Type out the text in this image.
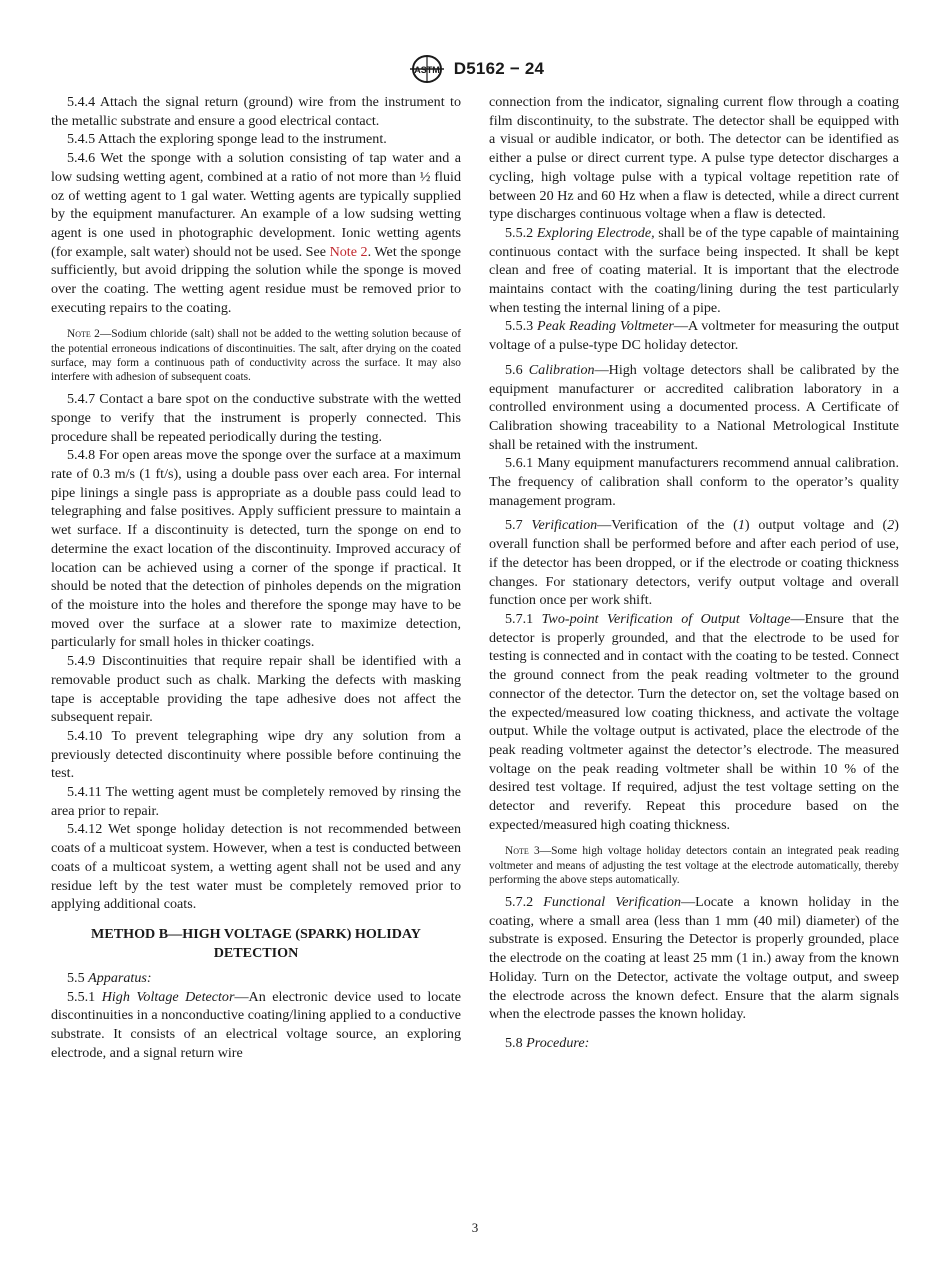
ASTM D5162 − 24

5.4.4 Attach the signal return (ground) wire from the instrument to the metallic substrate and ensure a good electrical contact.

5.4.5 Attach the exploring sponge lead to the instrument.

5.4.6 Wet the sponge with a solution consisting of tap water and a low sudsing wetting agent, combined at a ratio of not more than ½ fluid oz of wetting agent to 1 gal water. Wetting agents are typically supplied by the equipment manufacturer. An example of a low sudsing wetting agent is one used in photographic development. Ionic wetting agents (for example, salt water) should not be used. See Note 2. Wet the sponge sufficiently, but avoid dripping the solution while the sponge is moved over the coating. The wetting agent residue must be removed prior to executing repairs to the coating.

Note 2—Sodium chloride (salt) shall not be added to the wetting solution because of the potential erroneous indications of discontinuities. The salt, after drying on the coated surface, may form a continuous path of conductivity across the surface. It may also interfere with adhesion of subsequent coats.

5.4.7 Contact a bare spot on the conductive substrate with the wetted sponge to verify that the instrument is properly connected. This procedure shall be repeated periodically during the testing.

5.4.8 For open areas move the sponge over the surface at a maximum rate of 0.3 m/s (1 ft/s), using a double pass over each area. For internal pipe linings a single pass is appropriate as a double pass could lead to telegraphing and false positives. Apply sufficient pressure to maintain a wet surface. If a discontinuity is detected, turn the sponge on end to determine the exact location of the discontinuity. Improved accuracy of location can be achieved using a corner of the sponge if practical. It should be noted that the detection of pinholes depends on the migration of the moisture into the holes and therefore the sponge may have to be moved over the surface at a slower rate to maximize detection, particularly for small holes in thicker coatings.

5.4.9 Discontinuities that require repair shall be identified with a removable product such as chalk. Marking the defects with masking tape is acceptable providing the tape adhesive does not affect the subsequent repair.

5.4.10 To prevent telegraphing wipe dry any solution from a previously detected discontinuity where possible before continuing the test.

5.4.11 The wetting agent must be completely removed by rinsing the area prior to repair.

5.4.12 Wet sponge holiday detection is not recommended between coats of a multicoat system. However, when a test is conducted between coats of a multicoat system, a wetting agent shall not be used and any residue left by the test water must be completely removed prior to applying additional coats.

METHOD B—HIGH VOLTAGE (SPARK) HOLIDAY DETECTION

5.5 Apparatus:

5.5.1 High Voltage Detector—An electronic device used to locate discontinuities in a nonconductive coating/lining applied to a conductive substrate. It consists of an electrical voltage source, an exploring electrode, and a signal return wire

connection from the indicator, signaling current flow through a coating film discontinuity, to the substrate. The detector shall be equipped with a visual or audible indicator, or both. The detector can be identified as either a pulse or direct current type. A pulse type detector discharges a cycling, high voltage pulse with a typical voltage repetition rate of between 20 Hz and 60 Hz when a flaw is detected, while a direct current type discharges continuous voltage when a flaw is detected.

5.5.2 Exploring Electrode, shall be of the type capable of maintaining continuous contact with the surface being inspected. It shall be kept clean and free of coating material. It is important that the electrode maintains contact with the coating/lining during the test particularly when testing the internal lining of a pipe.

5.5.3 Peak Reading Voltmeter—A voltmeter for measuring the output voltage of a pulse-type DC holiday detector.

5.6 Calibration—High voltage detectors shall be calibrated by the equipment manufacturer or accredited calibration laboratory in a controlled environment using a documented process. A Certificate of Calibration showing traceability to a National Metrological Institute shall be retained with the instrument.

5.6.1 Many equipment manufacturers recommend annual calibration. The frequency of calibration shall conform to the operator’s quality management program.

5.7 Verification—Verification of the (1) output voltage and (2) overall function shall be performed before and after each period of use, if the detector has been dropped, or if the electrode or coating thickness changes. For stationary detectors, verify output voltage and overall function once per work shift.

5.7.1 Two-point Verification of Output Voltage—Ensure that the detector is properly grounded, and that the electrode to be used for testing is connected and in contact with the coating to be tested. Connect the ground connect from the peak reading voltmeter to the ground connector of the detector. Turn the detector on, set the voltage based on the expected/measured low coating thickness, and activate the voltage output. While the voltage output is activated, place the electrode of the peak reading voltmeter against the detector’s electrode. The measured voltage on the peak reading voltmeter shall be within 10 % of the desired test voltage. If required, adjust the test voltage setting on the detector and reverify. Repeat this procedure based on the expected/measured high coating thickness.

Note 3—Some high voltage holiday detectors contain an integrated peak reading voltmeter and means of adjusting the test voltage at the electrode automatically, thereby performing the above steps automatically.

5.7.2 Functional Verification—Locate a known holiday in the coating, where a small area (less than 1 mm (40 mil) diameter) of the substrate is exposed. Ensuring the Detector is properly grounded, place the electrode on the coating at least 25 mm (1 in.) away from the known Holiday. Turn on the Detector, activate the voltage output, and sweep the electrode across the known defect. Ensure that the alarm signals when the electrode passes the known holiday.

5.8 Procedure:

3
